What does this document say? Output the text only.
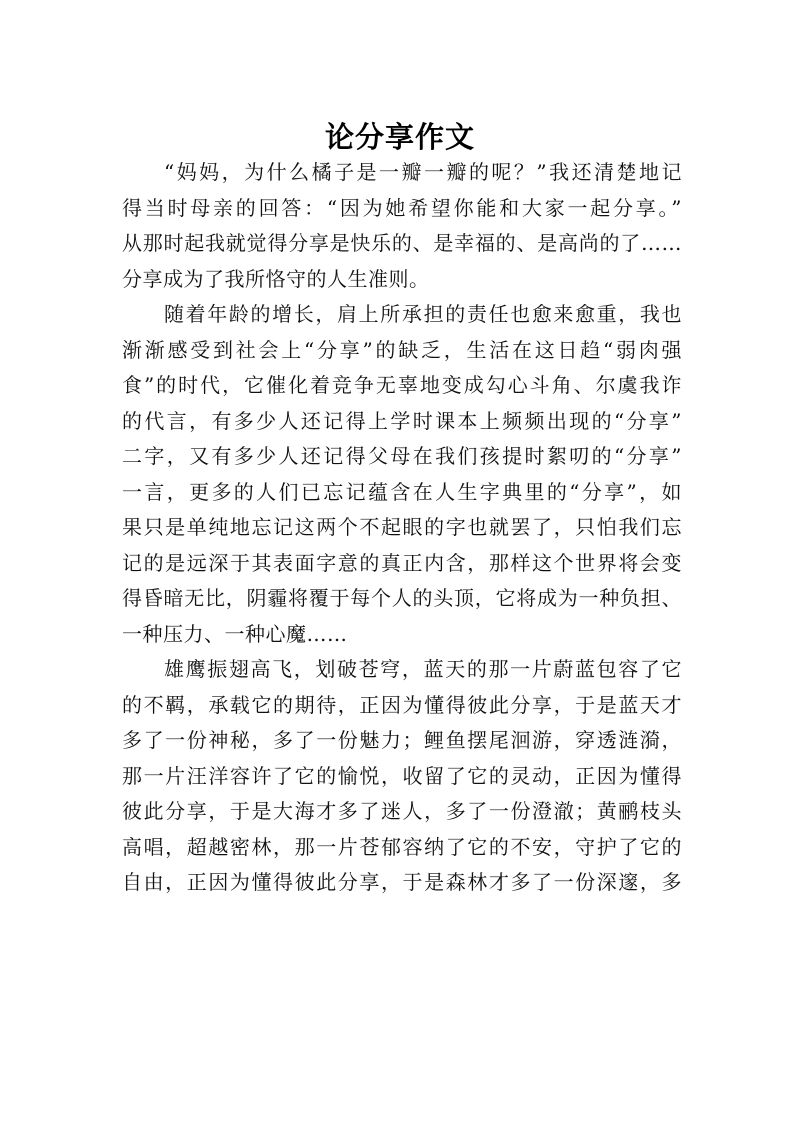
论分享作文
“妈妈，为什么橘子是一瓣一瓣的呢？”我还清楚地记
得当时母亲的回答：“因为她希望你能和大家一起分享。”
从那时起我就觉得分享是快乐的、是幸福的、是高尚的了……
分享成为了我所恪守的人生准则。
随着年龄的增长，肩上所承担的责任也愈来愈重，我也
渐渐感受到社会上“分享”的缺乏，生活在这日趋“弱肉强
食”的时代，它催化着竞争无辜地变成勾心斗角、尔虞我诈
的代言，有多少人还记得上学时课本上频频出现的“分享”
二字，又有多少人还记得父母在我们孩提时絮叨的“分享”
一言，更多的人们已忘记蕴含在人生字典里的“分享”，如
果只是单纯地忘记这两个不起眼的字也就罢了，只怕我们忘
记的是远深于其表面字意的真正内含，那样这个世界将会变
得昏暗无比，阴霾将覆于每个人的头顶，它将成为一种负担、
一种压力、一种心魔……
雄鹰振翅高飞，划破苍穹，蓝天的那一片蔚蓝包容了它
的不羁，承载它的期待，正因为懂得彼此分享，于是蓝天才
多了一份神秘，多了一份魅力；鲤鱼摆尾洄游，穿透涟漪，
那一片汪洋容许了它的愉悦，收留了它的灵动，正因为懂得
彼此分享，于是大海才多了迷人，多了一份澄澈；黄鹂枝头
高唱，超越密林，那一片苍郁容纳了它的不安，守护了它的
自由，正因为懂得彼此分享，于是森林才多了一份深邃，多
